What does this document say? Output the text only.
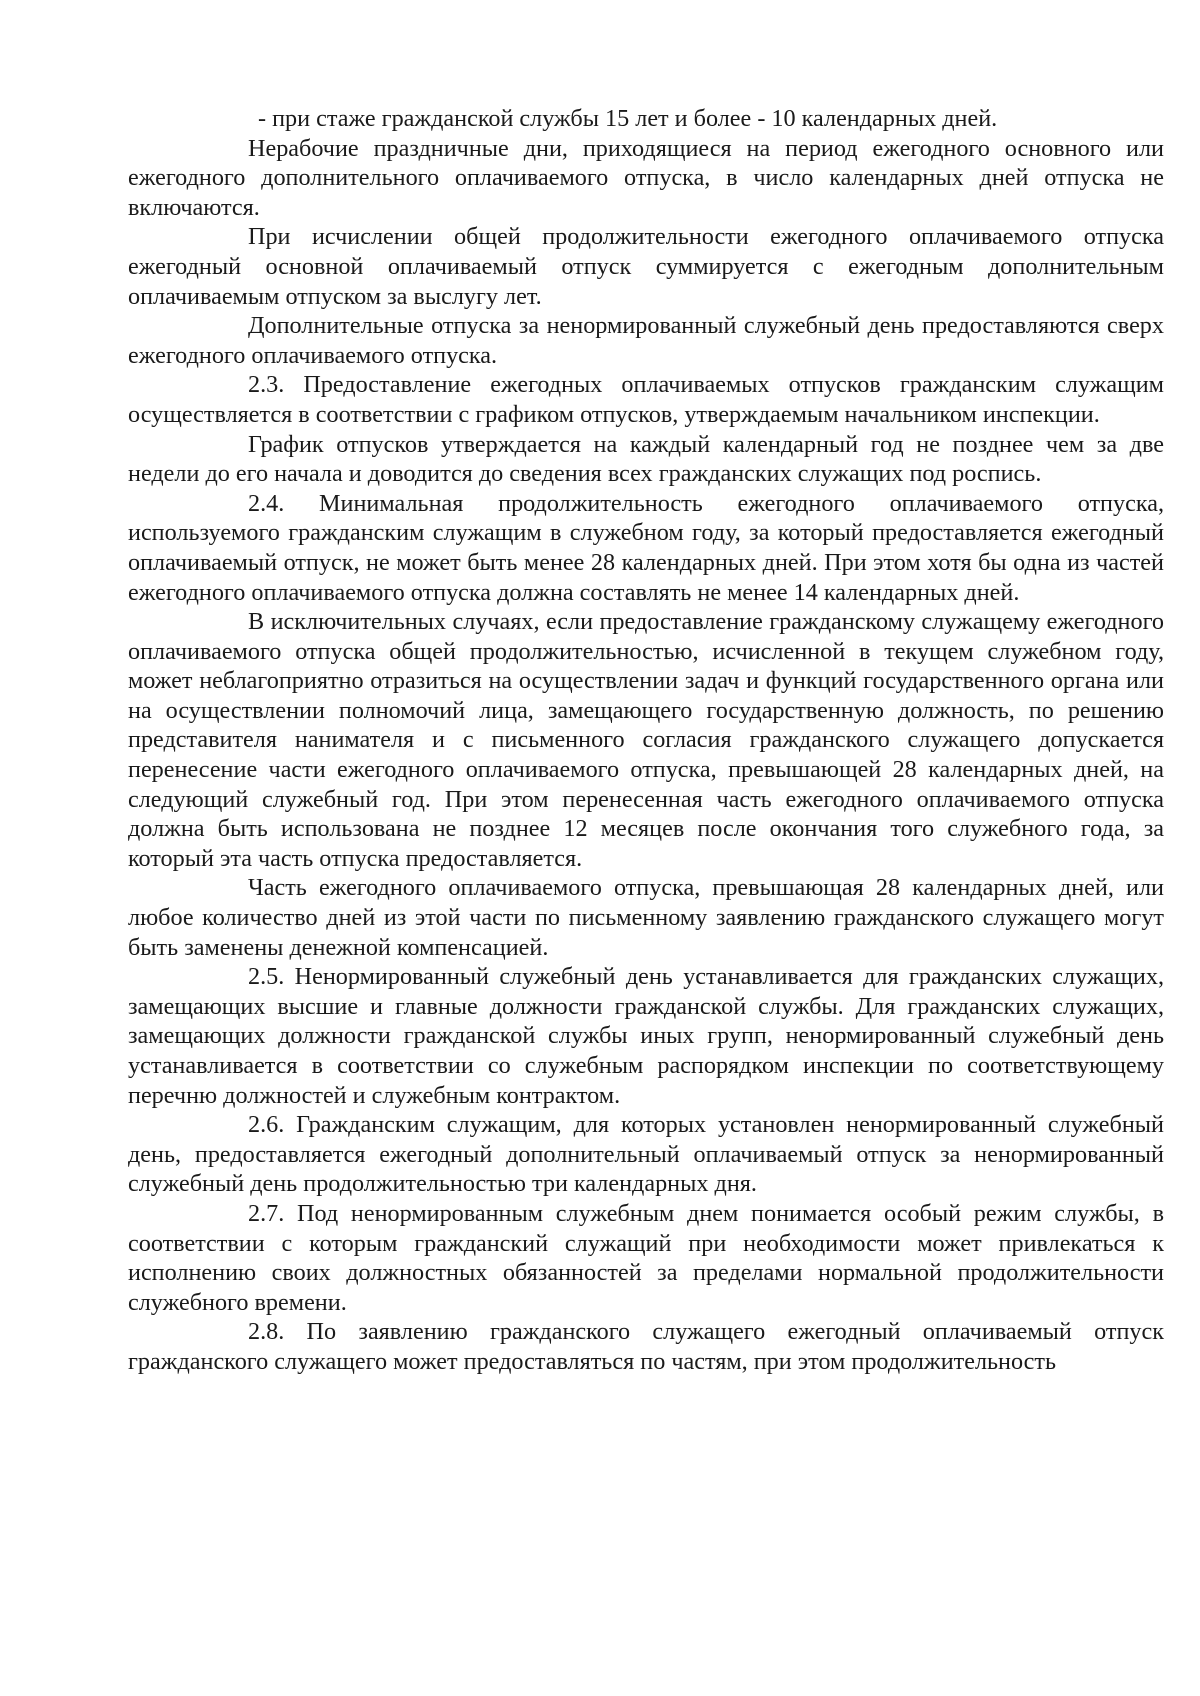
- при стаже гражданской службы 15 лет и более - 10 календарных дней.

Нерабочие праздничные дни, приходящиеся на период ежегодного основного или ежегодного дополнительного оплачиваемого отпуска, в число календарных дней отпуска не включаются.

При исчислении общей продолжительности ежегодного оплачиваемого отпуска ежегодный основной оплачиваемый отпуск суммируется с ежегодным дополнительным оплачиваемым отпуском за выслугу лет.

Дополнительные отпуска за ненормированный служебный день предоставляются сверх ежегодного оплачиваемого отпуска.

2.3. Предоставление ежегодных оплачиваемых отпусков гражданским служащим осуществляется в соответствии с графиком отпусков, утверждаемым начальником инспекции.

График отпусков утверждается на каждый календарный год не позднее чем за две недели до его начала и доводится до сведения всех гражданских служащих под роспись.

2.4. Минимальная продолжительность ежегодного оплачиваемого отпуска, используемого гражданским служащим в служебном году, за который предоставляется ежегодный оплачиваемый отпуск, не может быть менее 28 календарных дней. При этом хотя бы одна из частей ежегодного оплачиваемого отпуска должна составлять не менее 14 календарных дней.

В исключительных случаях, если предоставление гражданскому служащему ежегодного оплачиваемого отпуска общей продолжительностью, исчисленной в текущем служебном году, может неблагоприятно отразиться на осуществлении задач и функций государственного органа или на осуществлении полномочий лица, замещающего государственную должность, по решению представителя нанимателя и с письменного согласия гражданского служащего допускается перенесение части ежегодного оплачиваемого отпуска, превышающей 28 календарных дней, на следующий служебный год. При этом перенесенная часть ежегодного оплачиваемого отпуска должна быть использована не позднее 12 месяцев после окончания того служебного года, за который эта часть отпуска предоставляется.

Часть ежегодного оплачиваемого отпуска, превышающая 28 календарных дней, или любое количество дней из этой части по письменному заявлению гражданского служащего могут быть заменены денежной компенсацией.

2.5. Ненормированный служебный день устанавливается для гражданских служащих, замещающих высшие и главные должности гражданской службы. Для гражданских служащих, замещающих должности гражданской службы иных групп, ненормированный служебный день устанавливается в соответствии со служебным распорядком инспекции по соответствующему перечню должностей и служебным контрактом.

2.6. Гражданским служащим, для которых установлен ненормированный служебный день, предоставляется ежегодный дополнительный оплачиваемый отпуск за ненормированный служебный день продолжительностью три календарных дня.

2.7. Под ненормированным служебным днем понимается особый режим службы, в соответствии с которым гражданский служащий при необходимости может привлекаться к исполнению своих должностных обязанностей за пределами нормальной продолжительности служебного времени.

2.8. По заявлению гражданского служащего ежегодный оплачиваемый отпуск гражданского служащего может предоставляться по частям, при этом продолжительность
